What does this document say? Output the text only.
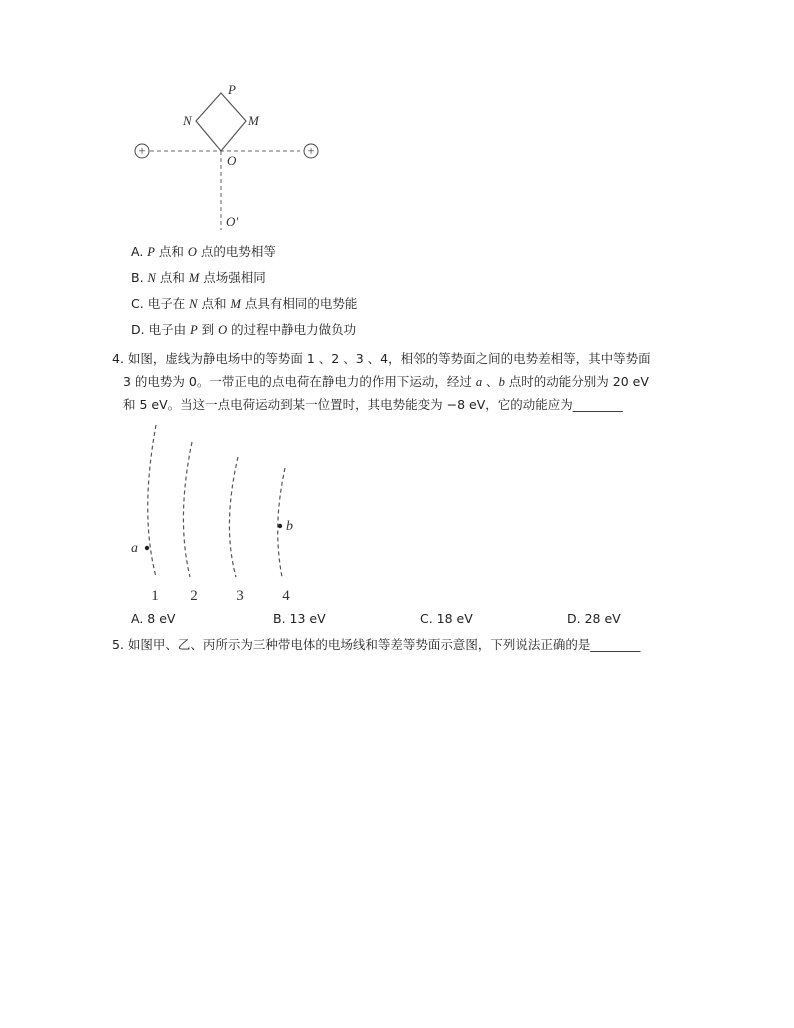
+	+
P
N	M
O
O′
A. P 点和 O 点的电势相等
B. N 点和 M 点场强相同
C. 电子在 N 点和 M 点具有相同的电势能
D. 电子由 P 到 O 的过程中静电力做负功
4. 如图，虚线为静电场中的等势面 1 、2 、3 、4，相邻的等势面之间的电势差相等，其中等势面
3 的电势为 0。一带正电的点电荷在静电力的作用下运动，经过 a 、b 点时的动能分别为 20 eV
和 5 eV。当这一点电荷运动到某一位置时，其电势能变为 −8 eV，它的动能应为________
a
b
1 2	3	4
A. 8 eV	B. 13 eV	C. 18 eV	D. 28 eV
5. 如图甲、乙、丙所示为三种带电体的电场线和等差等势面示意图，下列说法正确的是________
